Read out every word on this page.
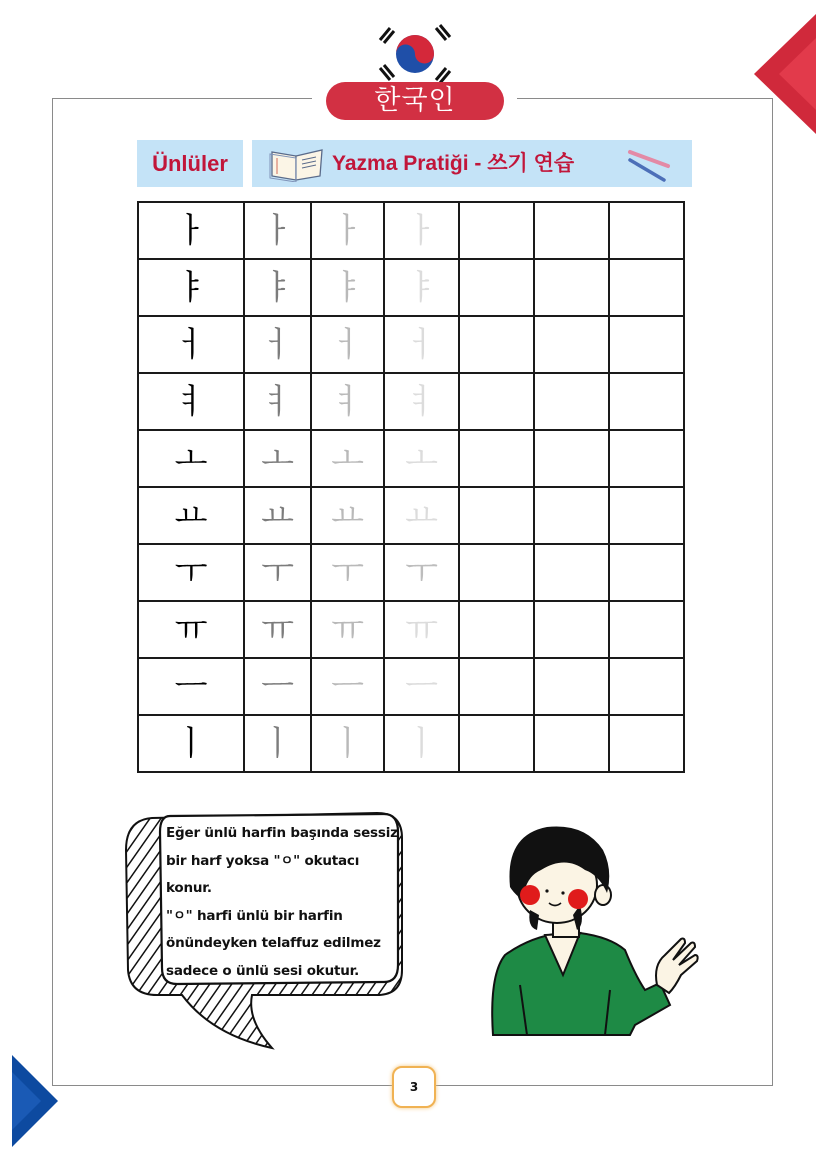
한국인
Ünlüler	Yazma Pratiği - 쓰기 연습
ㅏ	ㅏ	ㅏ	ㅏ			
ㅑ	ㅑ	ㅑ	ㅑ			
ㅓ	ㅓ	ㅓ	ㅓ			
ㅕ	ㅕ	ㅕ	ㅕ			
ㅗ	ㅗ	ㅗ	ㅗ			
ㅛ	ㅛ	ㅛ	ㅛ			
ㅜ	ㅜ	ㅜ	ㅜ			
ㅠ	ㅠ	ㅠ	ㅠ			
ㅡ	ㅡ	ㅡ	ㅡ			
ㅣ	ㅣ	ㅣ	ㅣ			
Eğer ünlü harfin başında sessiz
bir harf yoksa "ㅇ" okutacı
konur.
"ㅇ" harfi ünlü bir harfin
önündeyken telaffuz edilmez
sadece o ünlü sesi okutur.
3
